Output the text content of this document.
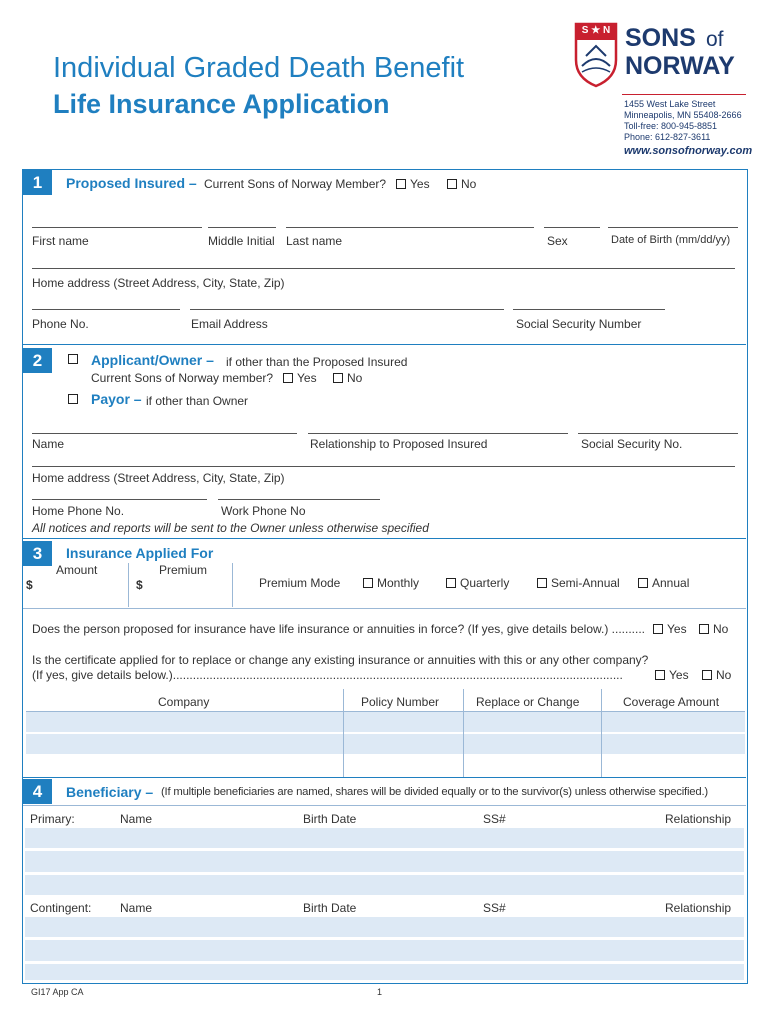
Individual Graded Death Benefit
Life Insurance Application
S ★ N SONS of
NORWAY
1455 West Lake Street
Minneapolis, MN 55408-2666
Toll-free: 800-945-8851
Phone: 612-827-3611
www.sonsofnorway.com
1	Proposed Insured – Current Sons of Norway Member?	Yes	No
First name	Middle Initial Last name	Sex	Date of Birth (mm/dd/yy)
Home address (Street Address, City, State, Zip)
Phone No.	Email Address	Social Security Number
2	Applicant/Owner – if other than the Proposed Insured
Current Sons of Norway member?	Yes	No
Payor – if other than Owner
Name	Relationship to Proposed Insured	Social Security No.
Home address (Street Address, City, State, Zip)
Home Phone No.	Work Phone No
All notices and reports will be sent to the Owner unless otherwise specified
3	Insurance Applied For
Amount	Premium
$	$	Premium Mode	Monthly	Quarterly	Semi-Annual	Annual
Does the person proposed for insurance have life insurance or annuities in force? (If yes, give details below.) ..........	Yes	No
Is the certificate applied for to replace or change any existing insurance or annuities with this or any other company?
(If yes, give details below.).......................................................................................................................................	Yes	No
Company	Policy Number	Replace or Change	Coverage Amount
4	Beneficiary – (If multiple beneficiaries are named, shares will be divided equally or to the survivor(s) unless otherwise specified.)
Primary:	Name	Birth Date	SS#	Relationship
Contingent: Name	Birth Date	SS#	Relationship
GI17 App CA	1
